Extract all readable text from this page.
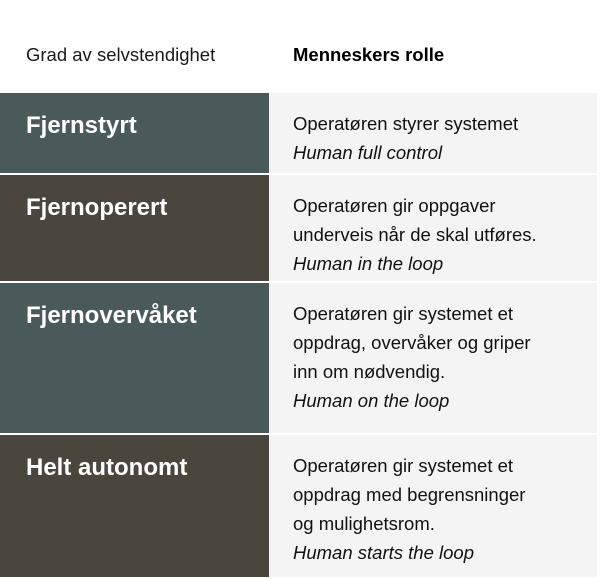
Grad av selvstendighet	Menneskers rolle
Fjernstyrt	Operatøren styrer systemet
Human full control
Fjernoperert	Operatøren gir oppgaver
underveis når de skal utføres.
Human in the loop
Fjernovervåket	Operatøren gir systemet et
oppdrag, overvåker og griper
inn om nødvendig.
Human on the loop
Helt autonomt	Operatøren gir systemet et
oppdrag med begrensninger
og mulighetsrom.
Human starts the loop
